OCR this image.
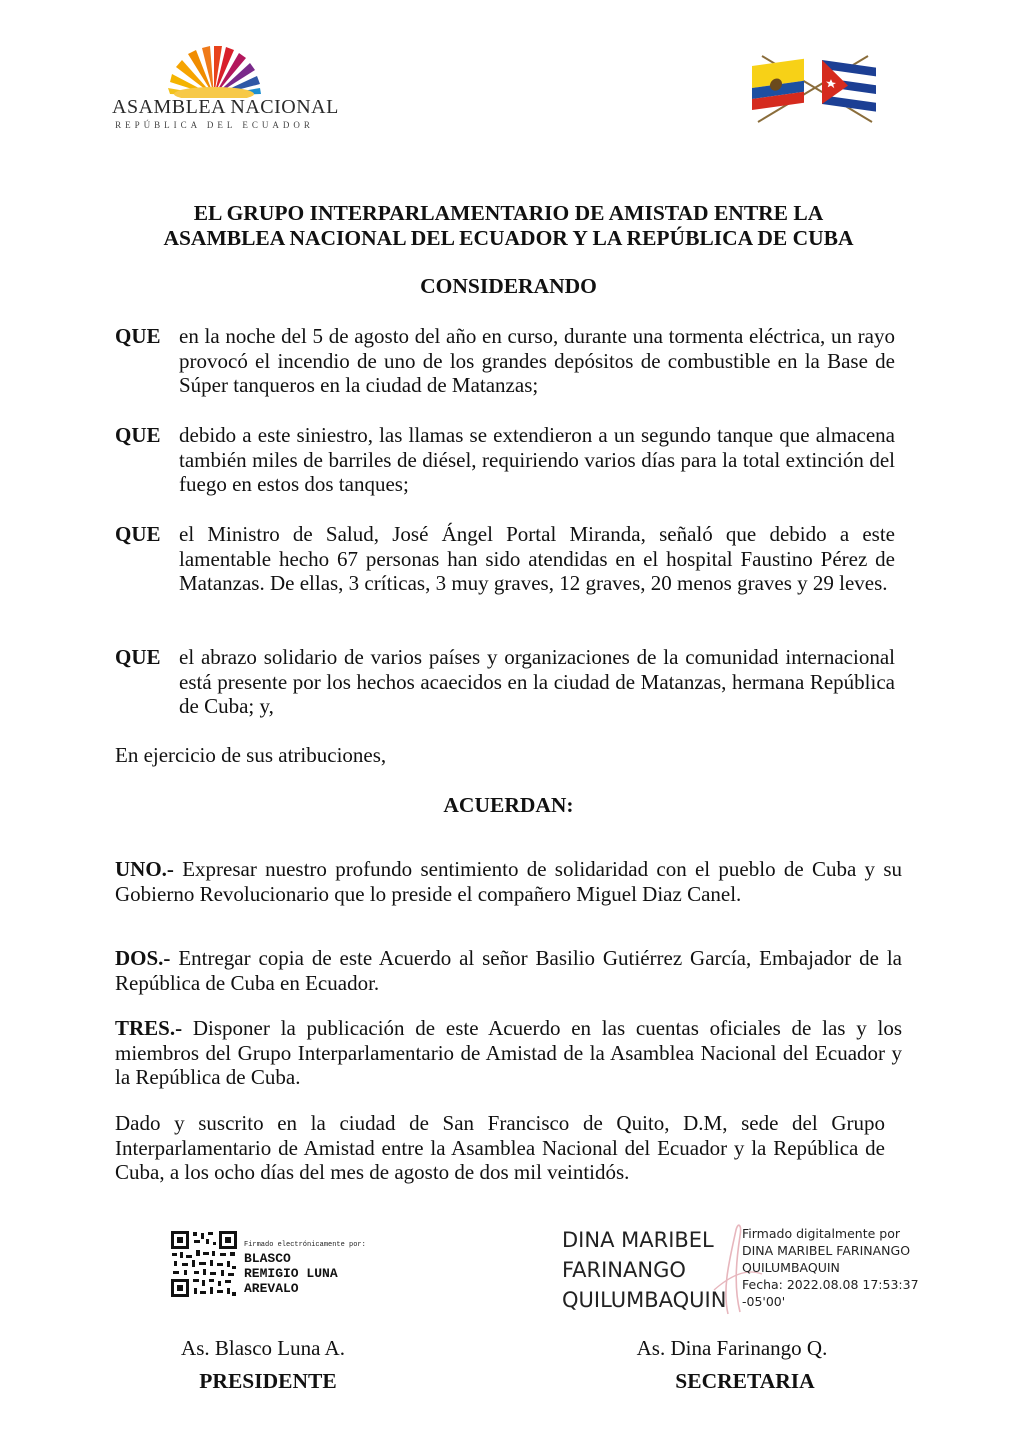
ASAMBLEA NACIONAL
REPÚBLICA DEL ECUADOR
EL GRUPO INTERPARLAMENTARIO DE AMISTAD ENTRE LA
ASAMBLEA NACIONAL DEL ECUADOR Y LA REPÚBLICA DE CUBA
CONSIDERANDO
QUE en la noche del 5 de agosto del año en curso, durante una tormenta eléctrica, un rayo provocó el incendio de uno de los grandes depósitos de combustible en la Base de Súper tanqueros en la ciudad de Matanzas;
QUE debido a este siniestro, las llamas se extendieron a un segundo tanque que almacena también miles de barriles de diésel, requiriendo varios días para la total extinción del fuego en estos dos tanques;
QUE el Ministro de Salud, José Ángel Portal Miranda, señaló que debido a este lamentable hecho 67 personas han sido atendidas en el hospital Faustino Pérez de Matanzas. De ellas, 3 críticas, 3 muy graves, 12 graves, 20 menos graves y 29 leves.
QUE el abrazo solidario de varios países y organizaciones de la comunidad internacional está presente por los hechos acaecidos en la ciudad de Matanzas, hermana República de Cuba; y,
En ejercicio de sus atribuciones,
ACUERDAN:
UNO.- Expresar nuestro profundo sentimiento de solidaridad con el pueblo de Cuba y su Gobierno Revolucionario que lo preside el compañero Miguel Diaz Canel.
DOS.- Entregar copia de este Acuerdo al señor Basilio Gutiérrez García, Embajador de la República de Cuba en Ecuador.
TRES.- Disponer la publicación de este Acuerdo en las cuentas oficiales de las y los miembros del Grupo Interparlamentario de Amistad de la Asamblea Nacional del Ecuador y la República de Cuba.
Dado y suscrito en la ciudad de San Francisco de Quito, D.M, sede del Grupo Interparlamentario de Amistad entre la Asamblea Nacional del Ecuador y la República de Cuba, a los ocho días del mes de agosto de dos mil veintidós.
Firmado electrónicamente por:
BLASCO
REMIGIO LUNA
AREVALO
As. Blasco Luna A.
PRESIDENTE
DINA MARIBEL
FARINANGO
QUILUMBAQUIN
Firmado digitalmente por
DINA MARIBEL FARINANGO
QUILUMBAQUIN
Fecha: 2022.08.08 17:53:37
-05'00'
As. Dina Farinango Q.
SECRETARIA
